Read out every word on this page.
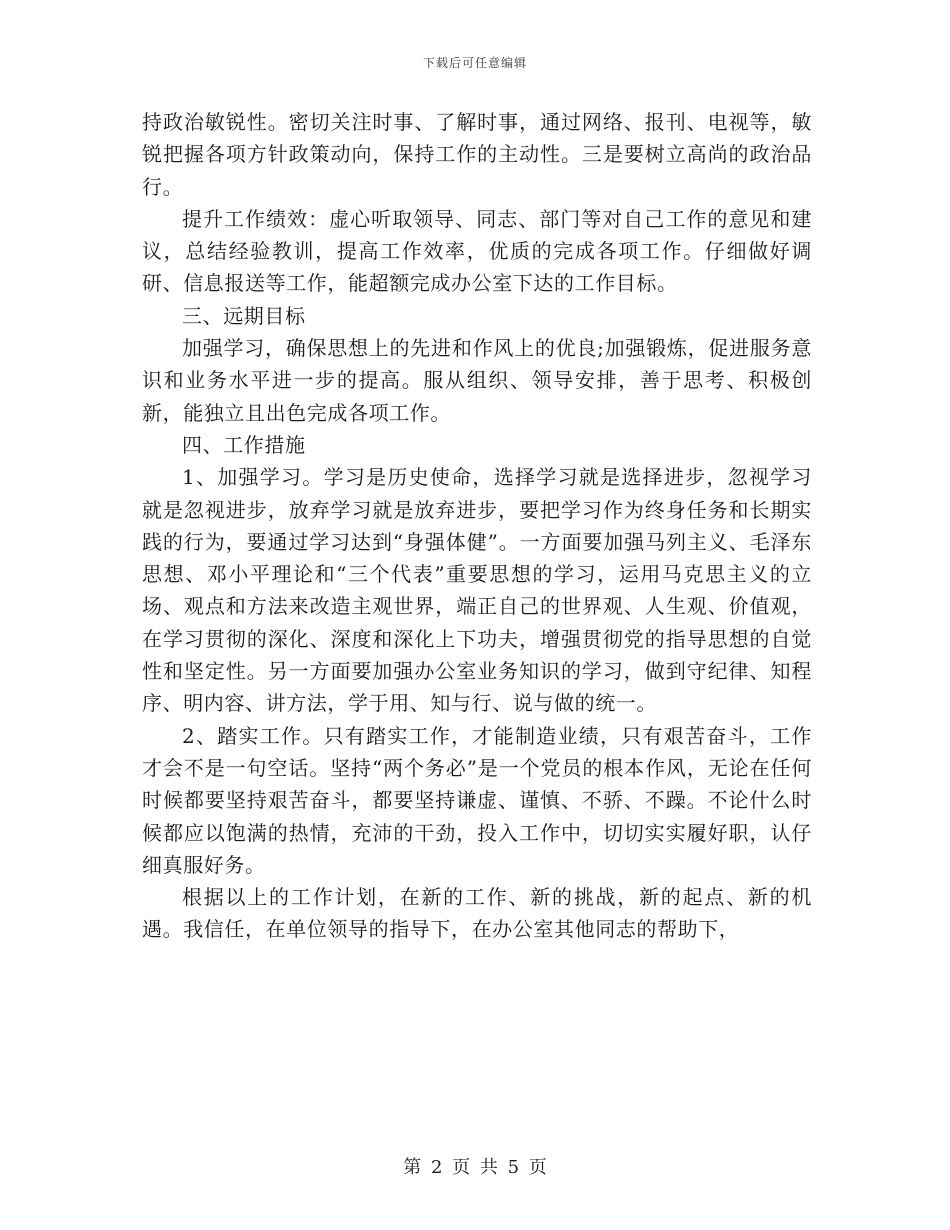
下载后可任意编辑

持政治敏锐性。密切关注时事、了解时事，通过网络、报刊、电视等，敏锐把握各项方针政策动向，保持工作的主动性。三是要树立高尚的政治品行。

提升工作绩效：虚心听取领导、同志、部门等对自己工作的意见和建议，总结经验教训，提高工作效率，优质的完成各项工作。仔细做好调研、信息报送等工作，能超额完成办公室下达的工作目标。

三、远期目标

加强学习，确保思想上的先进和作风上的优良;加强锻炼，促进服务意识和业务水平进一步的提高。服从组织、领导安排，善于思考、积极创新，能独立且出色完成各项工作。

四、工作措施

1、加强学习。学习是历史使命，选择学习就是选择进步，忽视学习就是忽视进步，放弃学习就是放弃进步，要把学习作为终身任务和长期实践的行为，要通过学习达到“身强体健”。一方面要加强马列主义、毛泽东思想、邓小平理论和“三个代表”重要思想的学习，运用马克思主义的立场、观点和方法来改造主观世界，端正自己的世界观、人生观、价值观，在学习贯彻的深化、深度和深化上下功夫，增强贯彻党的指导思想的自觉性和坚定性。另一方面要加强办公室业务知识的学习，做到守纪律、知程序、明内容、讲方法，学于用、知与行、说与做的统一。

2、踏实工作。只有踏实工作，才能制造业绩，只有艰苦奋斗，工作才会不是一句空话。坚持“两个务必”是一个党员的根本作风，无论在任何时候都要坚持艰苦奋斗，都要坚持谦虚、谨慎、不骄、不躁。不论什么时候都应以饱满的热情，充沛的干劲，投入工作中，切切实实履好职，认仔细真服好务。

根据以上的工作计划，在新的工作、新的挑战，新的起点、新的机遇。我信任，在单位领导的指导下，在办公室其他同志的帮助下，

第 2 页 共 5 页
